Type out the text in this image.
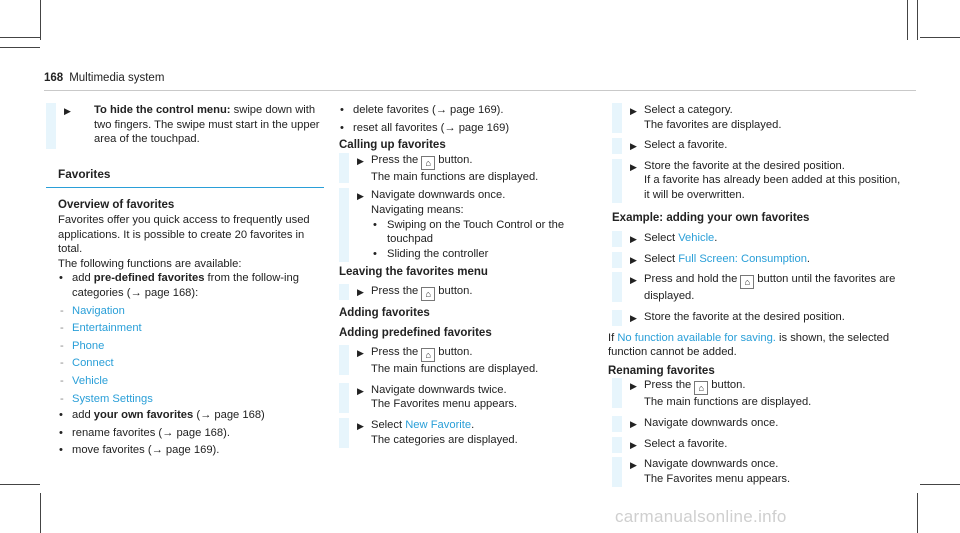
168 Multimedia system
▶	To hide the control menu: swipe down with two fingers. The swipe must start in the upper area of the touchpad.
Favorites
Overview of favorites
Favorites offer you quick access to frequently used applications. It is possible to create 20 favorites in total.
The following functions are available:
• add pre-defined favorites from the follow-ing categories (→ page 168):
- Navigation
- Entertainment
- Phone
- Connect
- Vehicle
- System Settings
• add your own favorites (→ page 168)
• rename favorites (→ page 168).
• move favorites (→ page 169).
• delete favorites (→ page 169).
• reset all favorites (→ page 169)
Calling up favorites
▶ Press the ⌂ button.
The main functions are displayed.
▶ Navigate downwards once.
Navigating means:
• Swiping on the Touch Control or the touchpad
• Sliding the controller
Leaving the favorites menu
▶ Press the ⌂ button.
Adding favorites
Adding predefined favorites
▶ Press the ⌂ button.
The main functions are displayed.
▶ Navigate downwards twice.
The Favorites menu appears.
▶ Select New Favorite.
The categories are displayed.
▶ Select a category.
The favorites are displayed.
▶ Select a favorite.
▶ Store the favorite at the desired position.
If a favorite has already been added at this position, it will be overwritten.
Example: adding your own favorites
▶ Select Vehicle.
▶ Select Full Screen: Consumption.
▶ Press and hold the ⌂ button until the favorites are displayed.
▶ Store the favorite at the desired position.
If No function available for saving. is shown, the selected function cannot be added.
Renaming favorites
▶ Press the ⌂ button.
The main functions are displayed.
▶ Navigate downwards once.
▶ Select a favorite.
▶ Navigate downwards once.
The Favorites menu appears.
carmanualsonline.info
